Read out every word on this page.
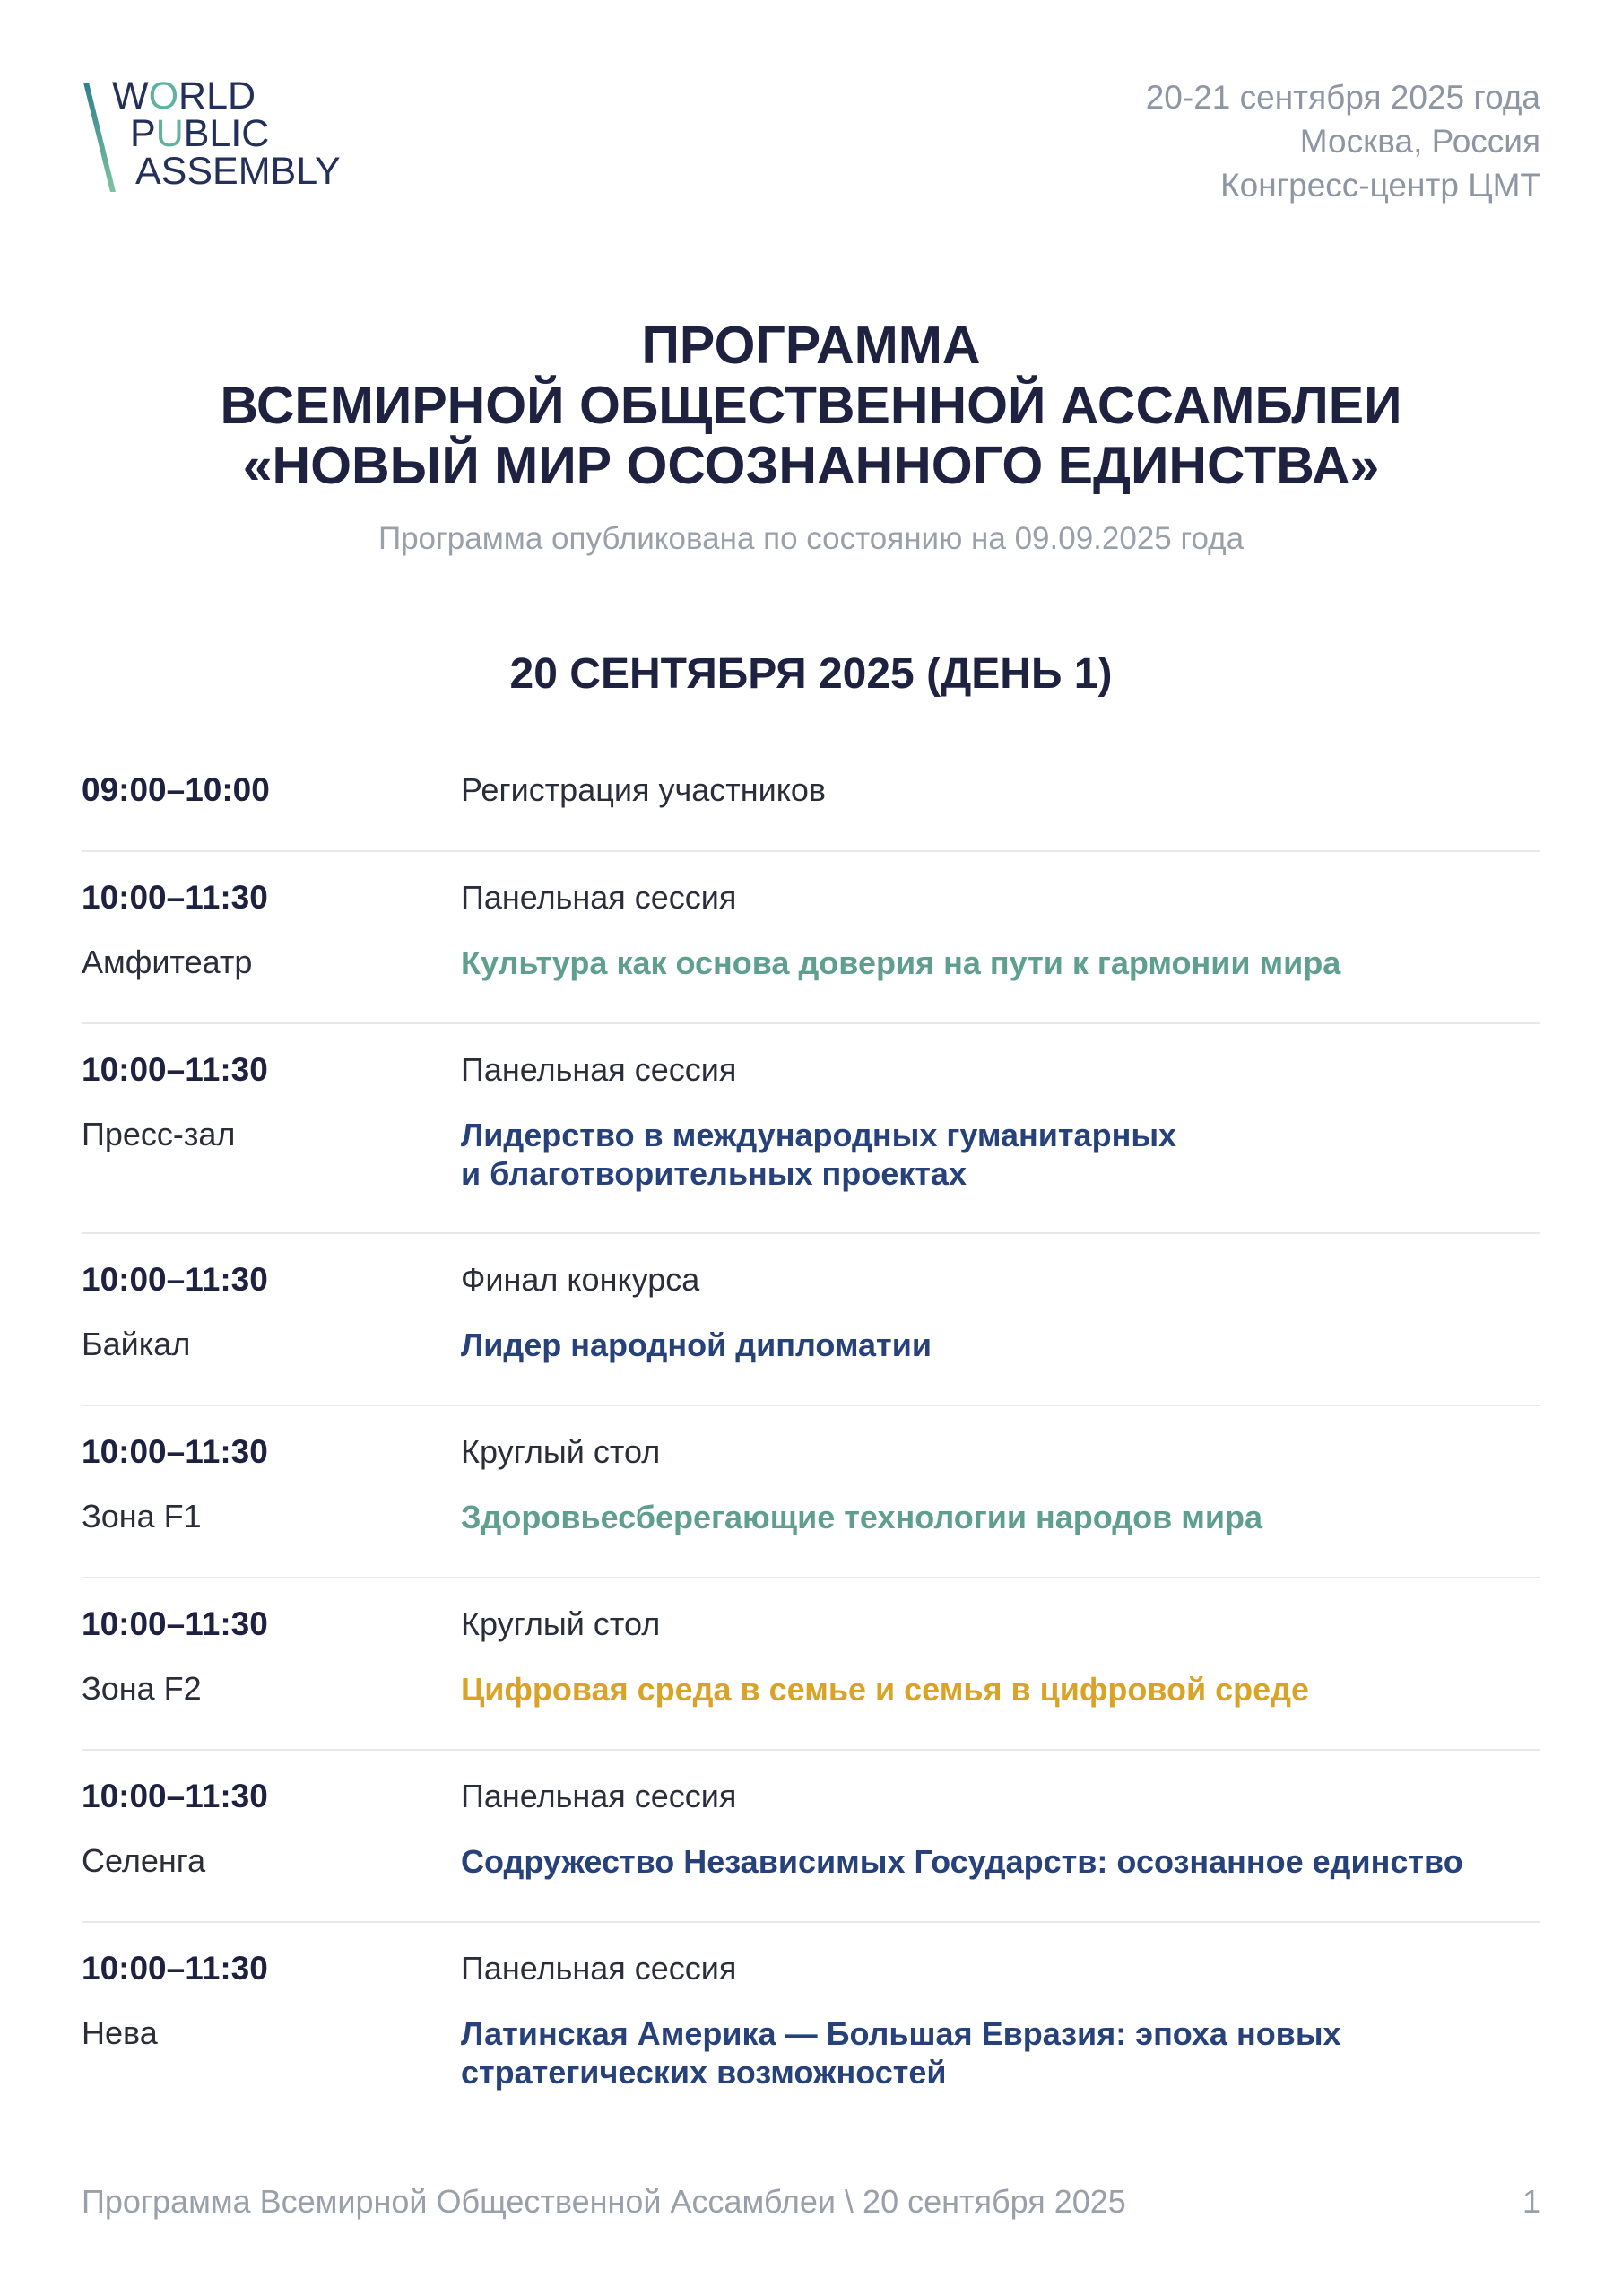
WORLD
PUBLIC
ASSEMBLY
20-21 сентября 2025 года
Москва, Россия
Конгресс-центр ЦМТ
ПРОГРАММА
ВСЕМИРНОЙ ОБЩЕСТВЕННОЙ АССАМБЛЕИ
«НОВЫЙ МИР ОСОЗНАННОГО ЕДИНСТВА»
Программа опубликована по состоянию на 09.09.2025 года
20 СЕНТЯБРЯ 2025 (ДЕНЬ 1)
09:00–10:00	Регистрация участников
10:00–11:30
Амфитеатр
Панельная сессия
Культура как основа доверия на пути к гармонии мира
10:00–11:30
Пресс-зал
Панельная сессия
Лидерство в международных гуманитарных
и благотворительных проектах
10:00–11:30
Байкал
Финал конкурса
Лидер народной дипломатии
10:00–11:30
Зона F1
Круглый стол
Здоровьесберегающие технологии народов мира
10:00–11:30
Зона F2
Круглый стол
Цифровая среда в семье и семья в цифровой среде
10:00–11:30
Селенга
Панельная сессия
Содружество Независимых Государств: осознанное единство
10:00–11:30
Нева
Панельная сессия
Латинская Америка — Большая Евразия: эпоха новых
стратегических возможностей
Программа Всемирной Общественной Ассамблеи \ 20 сентября 2025	1
